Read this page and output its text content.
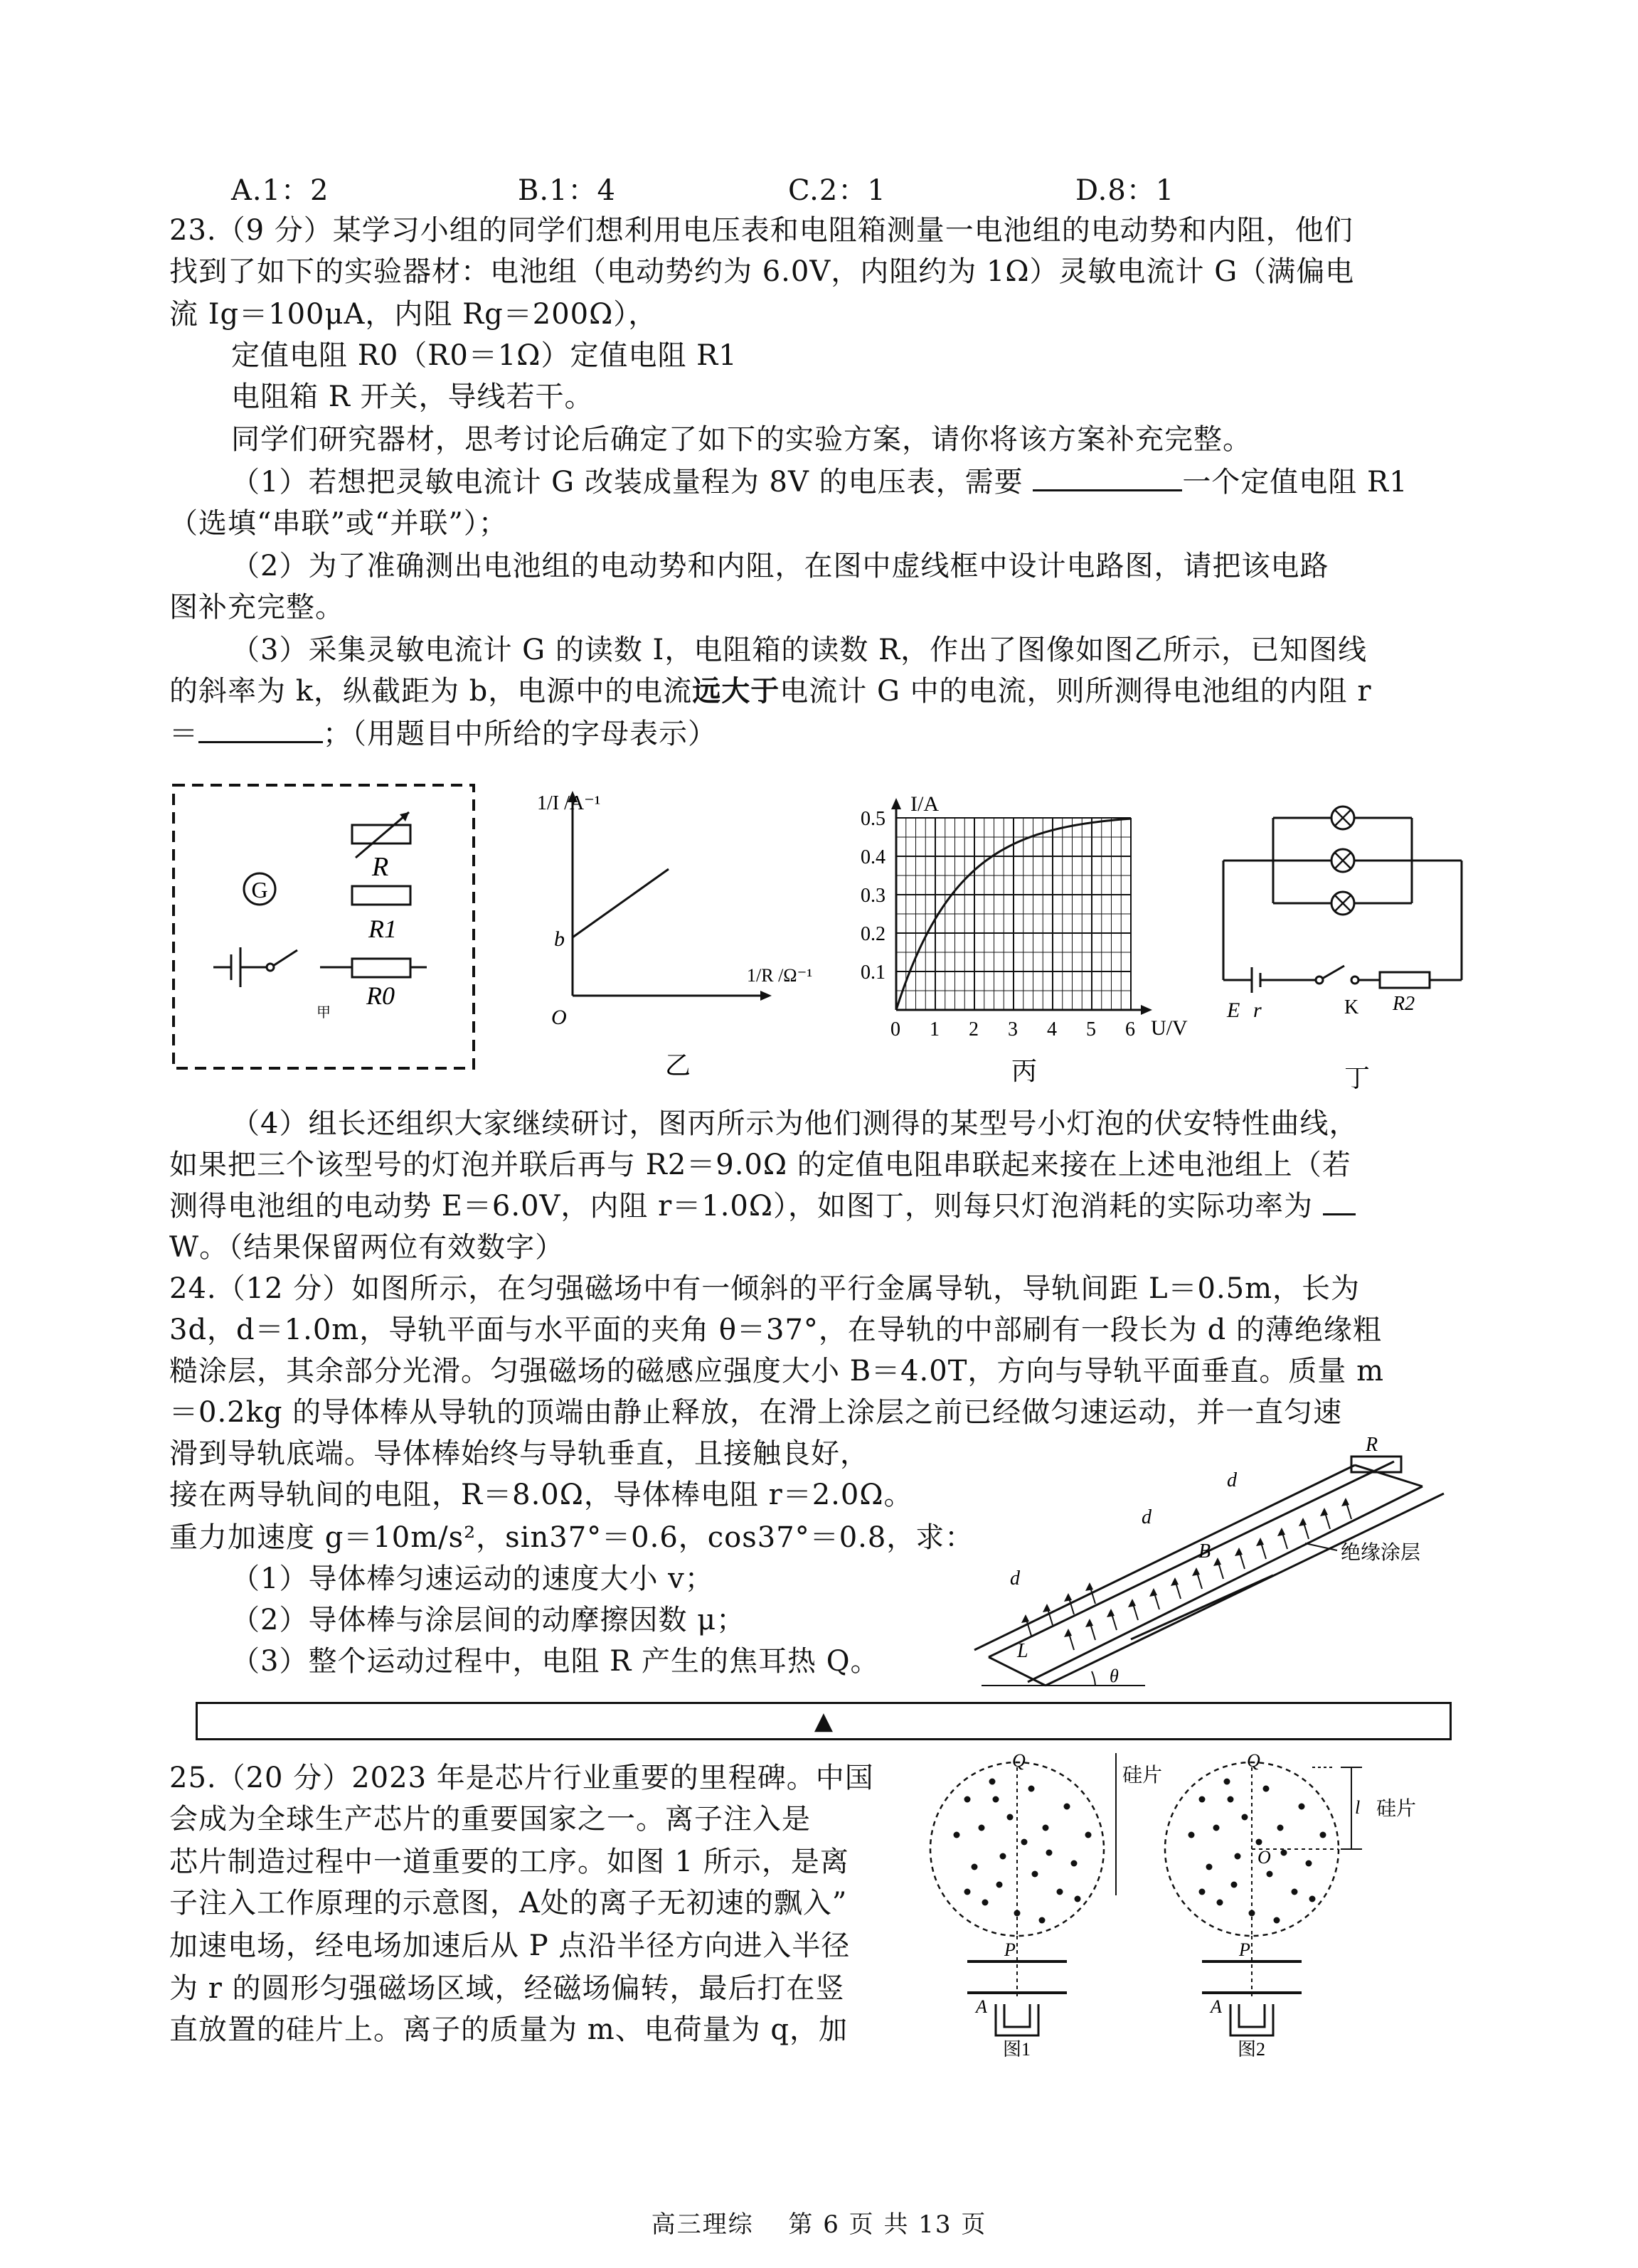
A.1：2	B.1：4	C.2：1	D.8：1
23.（9 分）某学习小组的同学们想利用电压表和电阻箱测量一电池组的电动势和内阻，他们
找到了如下的实验器材：电池组（电动势约为 6.0V，内阻约为 1Ω）灵敏电流计 G（满偏电
流 Ig＝100μA，内阻 Rg＝200Ω），
定值电阻 R0（R0＝1Ω）定值电阻 R1
电阻箱 R 开关，导线若干。
同学们研究器材，思考讨论后确定了如下的实验方案，请你将该方案补充完整。
（1）若想把灵敏电流计 G 改装成量程为 8V 的电压表，需要	一个定值电阻 R1
（选填“串联”或“并联”）；
（2）为了准确测出电池组的电动势和内阻，在图中虚线框中设计电路图，请把该电路
图补充完整。
（3）采集灵敏电流计 G 的读数 I，电阻箱的读数 R，作出了图像如图乙所示，已知图线
的斜率为 k，纵截距为 b，电源中的电流远大于电流计 G 中的电流，则所测得电池组的内阻 r
＝	；（用题目中所给的字母表示）
G
R
R1
R0
甲
1/I /A⁻¹
1/R /Ω⁻¹
b
O
乙
I/A
U/V
0.1
0.2
0.3
0.4
0.5
0 1 2 3 4 5 6
丙
E r	K R2
丁
（4）组长还组织大家继续研讨，图丙所示为他们测得的某型号小灯泡的伏安特性曲线，
如果把三个该型号的灯泡并联后再与 R2＝9.0Ω 的定值电阻串联起来接在上述电池组上（若
测得电池组的电动势 E＝6.0V，内阻 r＝1.0Ω），如图丁，则每只灯泡消耗的实际功率为
W。（结果保留两位有效数字）
24.（12 分）如图所示，在匀强磁场中有一倾斜的平行金属导轨，导轨间距 L＝0.5m，长为
3d，d＝1.0m，导轨平面与水平面的夹角 θ＝37°，在导轨的中部刷有一段长为 d 的薄绝缘粗
糙涂层，其余部分光滑。匀强磁场的磁感应强度大小 B＝4.0T，方向与导轨平面垂直。质量 m
＝0.2kg 的导体棒从导轨的顶端由静止释放，在滑上涂层之前已经做匀速运动，并一直匀速
滑到导轨底端。导体棒始终与导轨垂直，且接触良好，
接在两导轨间的电阻，R＝8.0Ω，导体棒电阻 r＝2.0Ω。
重力加速度 g＝10m/s²，sin37°＝0.6，cos37°＝0.8，求：
（1）导体棒匀速运动的速度大小 v；
（2）导体棒与涂层间的动摩擦因数 μ；
（3）整个运动过程中，电阻 R 产生的焦耳热 Q。
R
d
d
d
B
L
θ
绝缘涂层
▲
25.（20 分）2023 年是芯片行业重要的里程碑。中国
会成为全球生产芯片的重要国家之一。离子注入是
芯片制造过程中一道重要的工序。如图 1 所示，是离
子注入工作原理的示意图，A处的离子无初速的飘入”
加速电场，经电场加速后从 P 点沿半径方向进入半径
为 r 的圆形匀强磁场区域，经磁场偏转，最后打在竖
直放置的硅片上。离子的质量为 m、电荷量为 q，加
Q
P
A
图1
硅片
Q
P
A
O
l 硅片
图2
高三理综　 第 6 页 共 13 页
